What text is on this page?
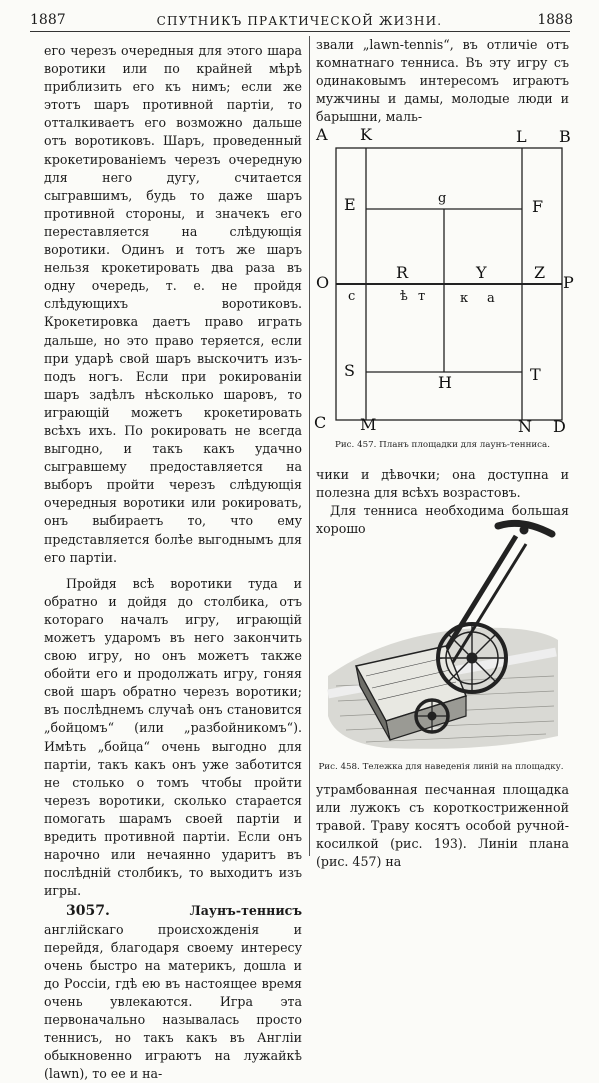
1887	СПУТНИКЪ ПРАКТИЧЕСКОЙ ЖИЗНИ.	1888

его черезъ очередныя для этого шара воротики или по крайней мѣрѣ приблизить его къ нимъ; если же этотъ шаръ противной партіи, то отталкиваетъ его возможно дальше отъ воротиковъ. Шаръ, проведенный крокетированіемъ черезъ очередную для него дугу, считается сыгравшимъ, будь то даже шаръ противной стороны, и значекъ его переставляется на слѣдующія воротики. Одинъ и тотъ же шаръ нельзя крокетировать два раза въ одну очередь, т. е. не пройдя слѣдующихъ воротиковъ. Крокетировка даетъ право играть дальше, но это право теряется, если при ударѣ свой шаръ выскочитъ изъ-подъ ногъ. Если при рокированіи шаръ задѣлъ нѣсколько шаровъ, то играющій можетъ крокетировать всѣхъ ихъ. По рокировать не всегда выгодно, и такъ какъ удачно сыгравшему предоставляется на выборъ пройти черезъ слѣдующія очередныя воротики или рокировать, онъ выбираетъ то, что ему представляется болѣе выгоднымъ для его партіи.

Пройдя всѣ воротики туда и обратно и дойдя до столбика, отъ котораго началъ игру, играющій можетъ ударомъ въ него закончить свою игру, но онъ можетъ также обойти его и продолжать игру, гоняя свой шаръ обратно черезъ воротики; въ послѣднемъ случаѣ онъ становится „бойцомъ“ (или „разбойникомъ“). Имѣть „бойца“ очень выгодно для партіи, такъ какъ онъ уже заботится не столько о томъ чтобы пройти черезъ воротики, сколько старается помогать шарамъ своей партіи и вредить противной партіи. Если онъ нарочно или нечаянно ударитъ въ послѣдній столбикъ, то выходитъ изъ игры.

3057.	Лаунъ-теннисъ англійскаго происхожденія и перейдя, благодаря своему интересу очень быстро на материкъ, дошла и до Россіи, гдѣ ею въ настоящее время очень увлекаются. Игра эта первоначально называлась просто теннисъ, но такъ какъ въ Англіи обыкновенно играютъ на лужайкѣ (lawn), то ее и на-

звали „lawn-tennis“, въ отличіе отъ комнатнаго тенниса. Въ эту игру съ одинаковымъ интересомъ играютъ мужчины и дамы, молодые люди и барышни, маль-

A K	L B
E	g	F
O
R	Y	Z
P
c	ѣ т	к а
S
H	T
C M	N D
Рис. 457. Планъ площадки для лаунъ-тенниса.

чики и дѣвочки; она доступна и полезна для всѣхъ возрастовъ.

Для тенниса необходима большая хорошо

Рис. 458. Тележка для наведенія линій на площадку.

утрамбованная песчанная площадка или лужокъ съ короткостриженной травой. Траву косятъ особой ручной-косилкой (рис. 193). Линіи плана (рис. 457) на
